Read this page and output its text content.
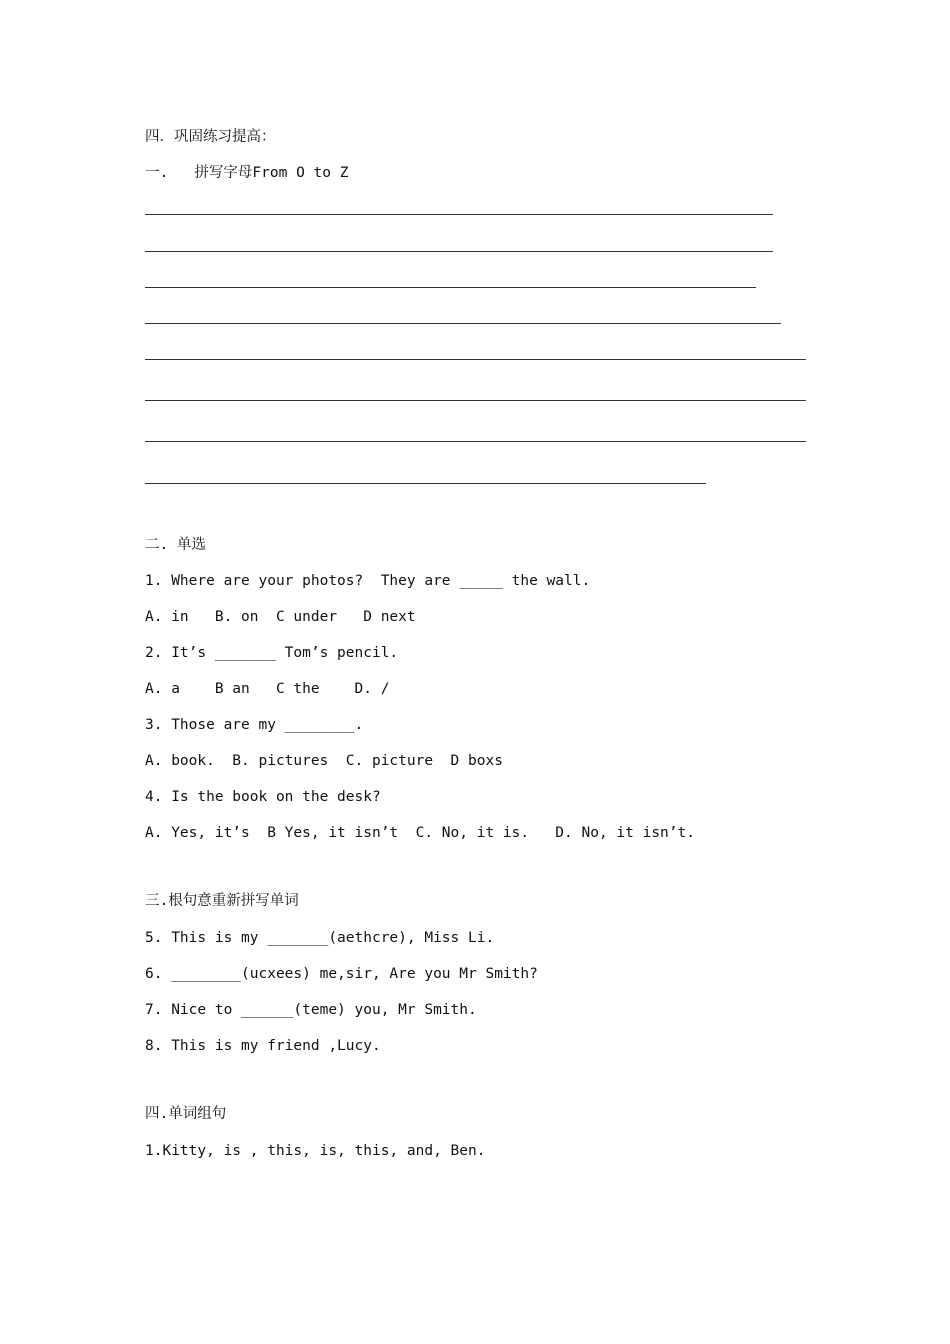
四．巩固练习提高：
一.   拼写字母From O to Z
二. 单选
1. Where are your photos?  They are _____ the wall.
A. in   B. on  C under   D next
2. It’s _______ Tom’s pencil.
A. a    B an   C the    D. /
3. Those are my ________.
A. book.  B. pictures  C. picture  D boxs
4. Is the book on the desk?
A. Yes, it’s  B Yes, it isn’t  C. No, it is.   D. No, it isn’t.
三.根句意重新拼写单词
5. This is my _______(aethcre), Miss Li.
6. ________(ucxees) me,sir, Are you Mr Smith?
7. Nice to ______(teme) you, Mr Smith.
8. This is my friend ,Lucy.
四.单词组句
1.Kitty, is , this, is, this, and, Ben.
